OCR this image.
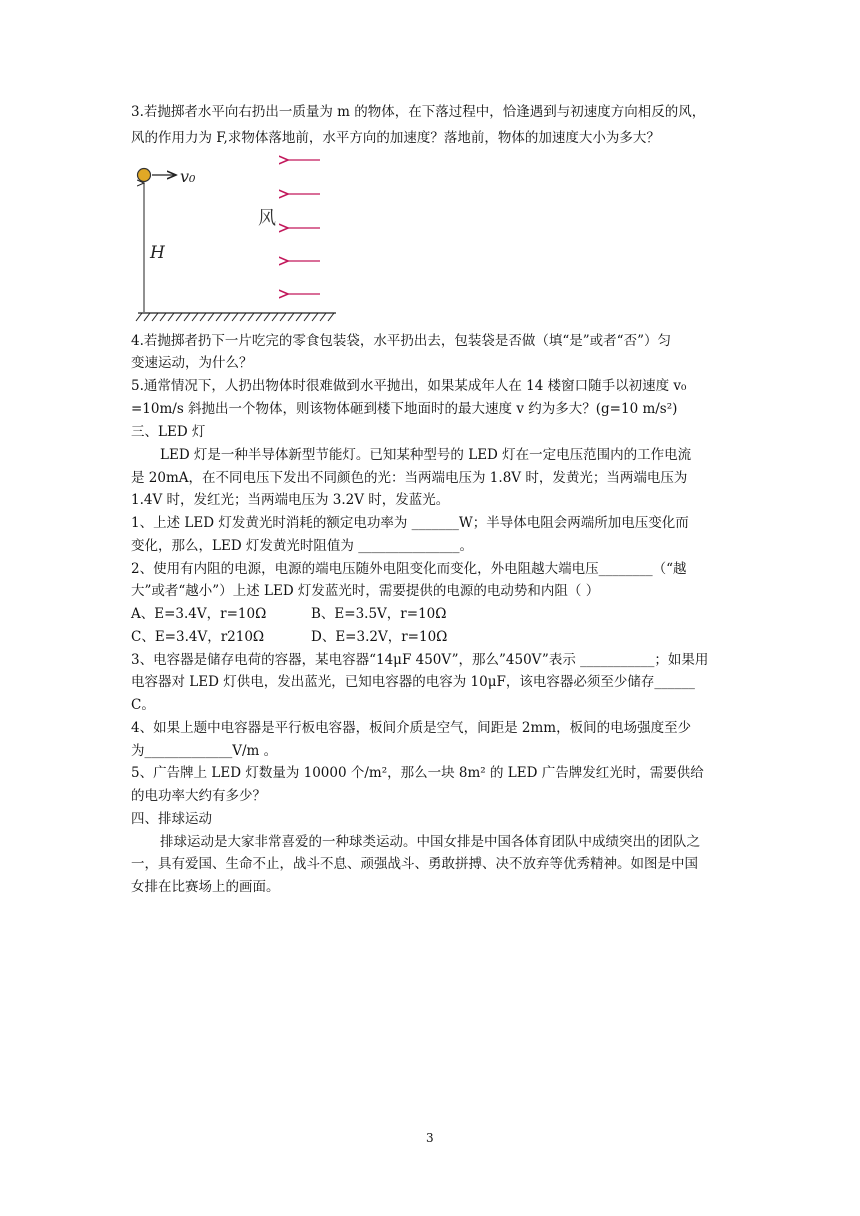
3.若抛掷者水平向右扔出一质量为 m 的物体，在下落过程中，恰逢遇到与初速度方向相反的风，
风的作用力为 F,求物体落地前，水平方向的加速度？落地前，物体的加速度大小为多大？
v₀
H
风
4.若抛掷者扔下一片吃完的零食包装袋，水平扔出去，包装袋是否做（填“是”或者“否”）匀
变速运动，为什么？
5.通常情况下，人扔出物体时很难做到水平抛出，如果某成年人在 14 楼窗口随手以初速度 v₀
=10m/s 斜抛出一个物体，则该物体砸到楼下地面时的最大速度 v 约为多大？(g=10 m/s²)
三、LED 灯
LED 灯是一种半导体新型节能灯。已知某种型号的 LED 灯在一定电压范围内的工作电流
是 20mA，在不同电压下发出不同颜色的光：当两端电压为 1.8V 时，发黄光；当两端电压为
1.4V 时，发红光；当两端电压为 3.2V 时，发蓝光。
1、上述 LED 灯发黄光时消耗的额定电功率为 _______W；半导体电阻会两端所加电压变化而
变化，那么，LED 灯发黄光时阻值为 _______________。
2、使用有内阻的电源，电源的端电压随外电阻变化而变化，外电阻越大端电压________（“越
大”或者“越小”）上述 LED 灯发蓝光时，需要提供的电源的电动势和内阻（ ）
A、E=3.4V，r=10Ω	B、E=3.5V，r=10Ω
C、E=3.4V，r210Ω	D、E=3.2V，r=10Ω
3、电容器是储存电荷的容器，某电容器“14μF 450V”，那么”450V”表示 ___________；如果用
电容器对 LED 灯供电，发出蓝光，已知电容器的电容为 10μF，该电容器必须至少储存______
C。
4、如果上题中电容器是平行板电容器，板间介质是空气，间距是 2mm，板间的电场强度至少
为_____________V/m 。
5、广告牌上 LED 灯数量为 10000 个/m²，那么一块 8m² 的 LED 广告牌发红光时，需要供给
的电功率大约有多少？
四、排球运动
排球运动是大家非常喜爱的一种球类运动。中国女排是中国各体育团队中成绩突出的团队之
一，具有爱国、生命不止，战斗不息、顽强战斗、勇敢拼搏、决不放弃等优秀精神。如图是中国
女排在比赛场上的画面。
3
